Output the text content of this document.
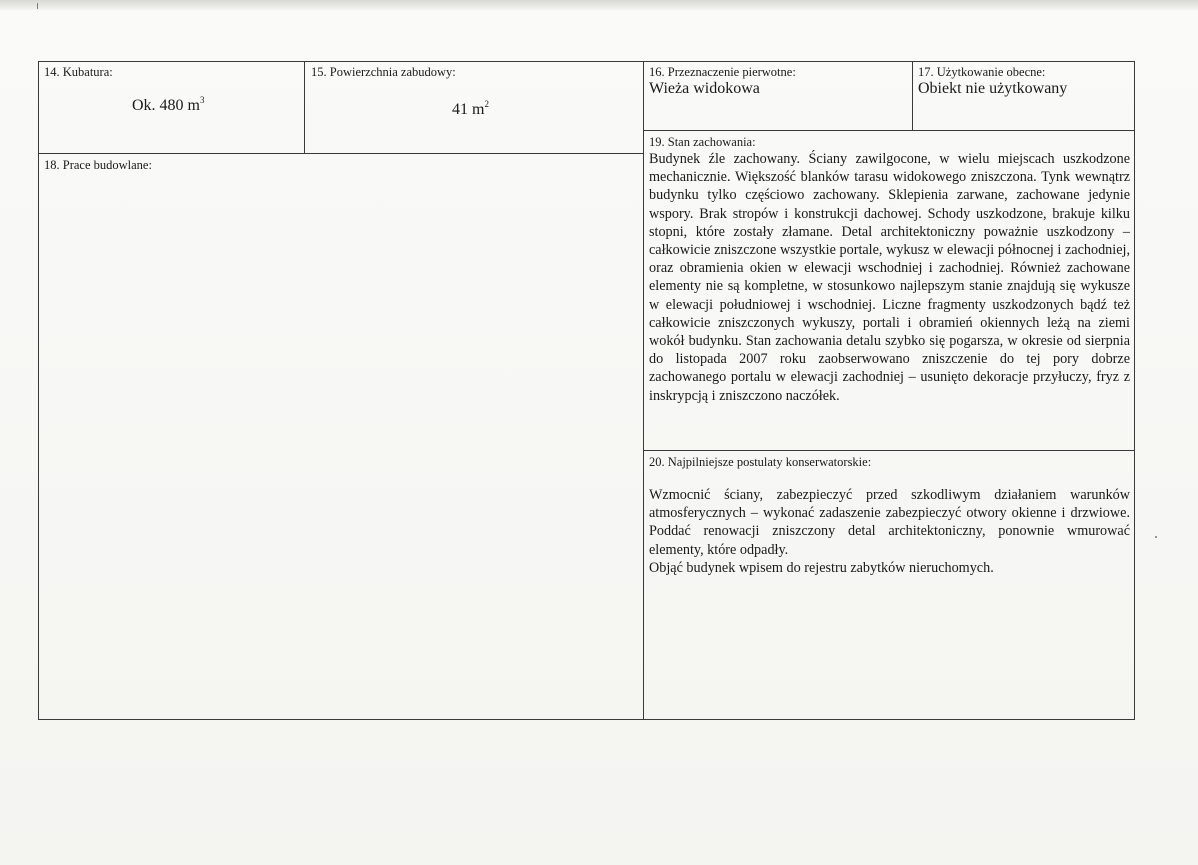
14. Kubatura:
Ok. 480 $m^3$
15. Powierzchnia zabudowy:
41 $m^2$
16. Przeznaczenie pierwotne:
Wieża widokowa
17. Użytkowanie obecne:
Obiekt nie użytkowany
18. Prace budowlane:
19. Stan zachowania:
Budynek źle zachowany. Ściany zawilgocone, w wielu miejscach uszkodzone mechanicznie. Większość blanków tarasu widokowego zniszczona. Tynk wewnątrz budynku tylko częściowo zachowany. Sklepienia zarwane, zachowane jedynie wspory. Brak stropów i konstrukcji dachowej. Schody uszkodzone, brakuje kilku stopni, które zostały złamane. Detal architektoniczny poważnie uszkodzony – całkowicie zniszczone wszystkie portale, wykusz w elewacji północnej i zachodniej, oraz obramienia okien w elewacji wschodniej i zachodniej. Również zachowane elementy nie są kompletne, w stosunkowo najlepszym stanie znajdują się wykusze w elewacji południowej i wschodniej. Liczne fragmenty uszkodzonych bądź też całkowicie zniszczonych wykuszy, portali i obramień okiennych leżą na ziemi wokół budynku. Stan zachowania detalu szybko się pogarsza, w okresie od sierpnia do listopada 2007 roku zaobserwowano zniszczenie do tej pory dobrze zachowanego portalu w elewacji zachodniej – usunięto dekoracje przyłuczy, fryz z inskrypcją i zniszczono naczółek.
20. Najpilniejsze postulaty konserwatorskie:

Wzmocnić ściany, zabezpieczyć przed szkodliwym działaniem warunków atmosferycznych – wykonać zadaszenie zabezpieczyć otwory okienne i drzwiowe. Poddać renowacji zniszczony detal architektoniczny, ponownie wmurować elementy, które odpadły.

Objąć budynek wpisem do rejestru zabytków nieruchomych.
